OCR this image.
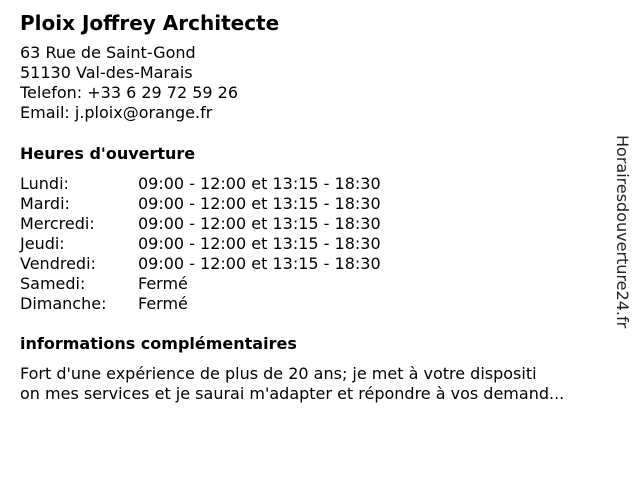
Ploix Joffrey Architecte
63 Rue de Saint-Gond
51130 Val-des-Marais
Telefon: +33 6 29 72 59 26
Email: j.ploix@orange.fr
Heures d'ouverture
Lundi:	09:00 - 12:00 et 13:15 - 18:30
Mardi:	09:00 - 12:00 et 13:15 - 18:30
Mercredi:	09:00 - 12:00 et 13:15 - 18:30
Jeudi:	09:00 - 12:00 et 13:15 - 18:30
Vendredi:	09:00 - 12:00 et 13:15 - 18:30
Samedi:	Fermé
Dimanche: Fermé
informations complémentaires
Fort d'une expérience de plus de 20 ans; je met à votre dispositi
on mes services et je saurai m'adapter et répondre à vos demand...
Horairesdouverture24.fr
